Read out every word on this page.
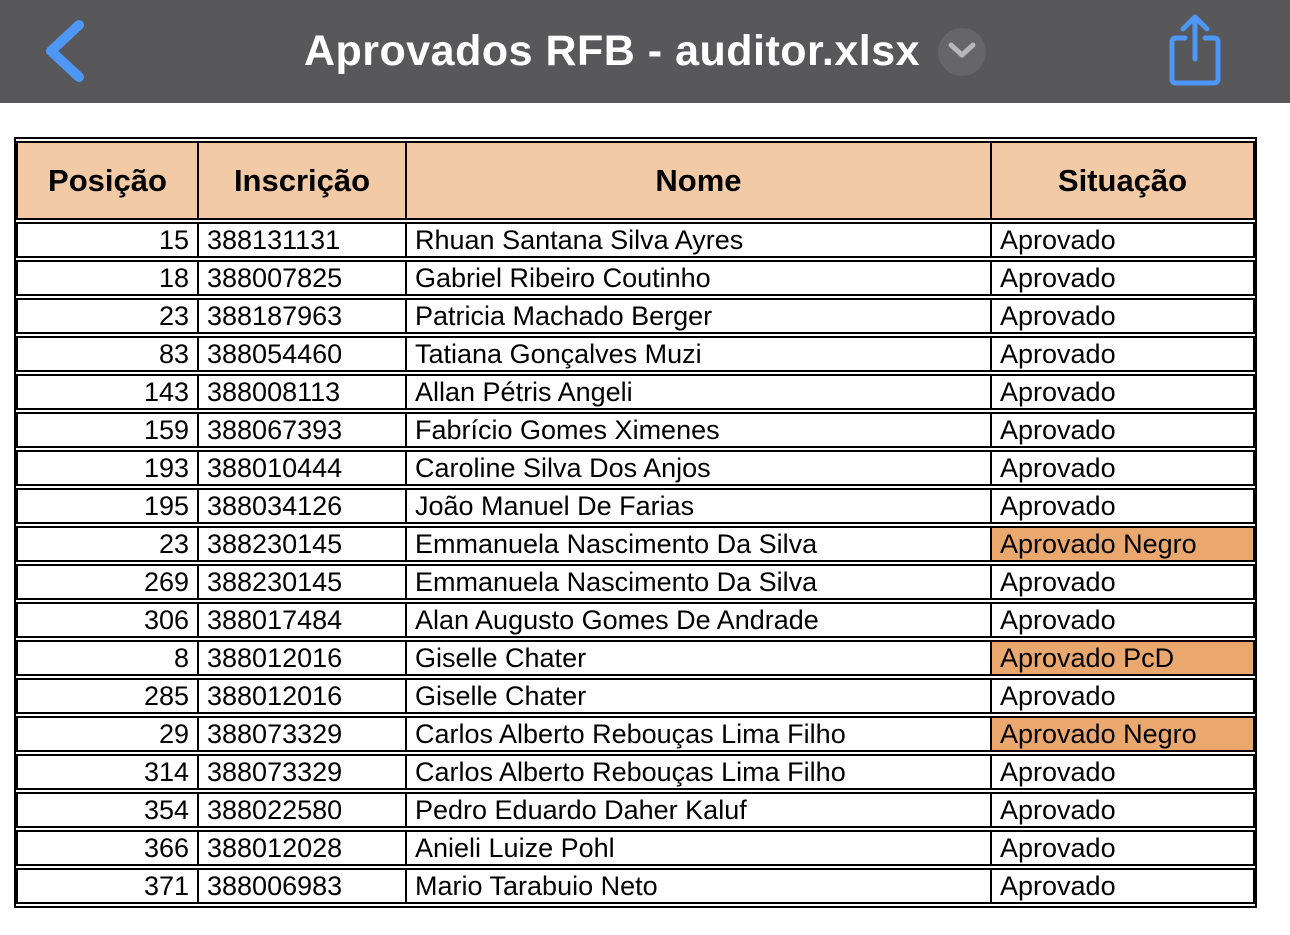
Aprovados RFB - auditor.xlsx
Posição	Inscrição	Nome	Situação
15	388131131	Rhuan Santana Silva Ayres	Aprovado
18	388007825	Gabriel Ribeiro Coutinho	Aprovado
23	388187963	Patricia Machado Berger	Aprovado
83	388054460	Tatiana Gonçalves Muzi	Aprovado
143	388008113	Allan Pétris Angeli	Aprovado
159	388067393	Fabrício Gomes Ximenes	Aprovado
193	388010444	Caroline Silva Dos Anjos	Aprovado
195	388034126	João Manuel De Farias	Aprovado
23	388230145	Emmanuela Nascimento Da Silva	Aprovado Negro
269	388230145	Emmanuela Nascimento Da Silva	Aprovado
306	388017484	Alan Augusto Gomes De Andrade	Aprovado
8	388012016	Giselle Chater	Aprovado PcD
285	388012016	Giselle Chater	Aprovado
29	388073329	Carlos Alberto Rebouças Lima Filho	Aprovado Negro
314	388073329	Carlos Alberto Rebouças Lima Filho	Aprovado
354	388022580	Pedro Eduardo Daher Kaluf	Aprovado
366	388012028	Anieli Luize Pohl	Aprovado
371	388006983	Mario Tarabuio Neto	Aprovado
